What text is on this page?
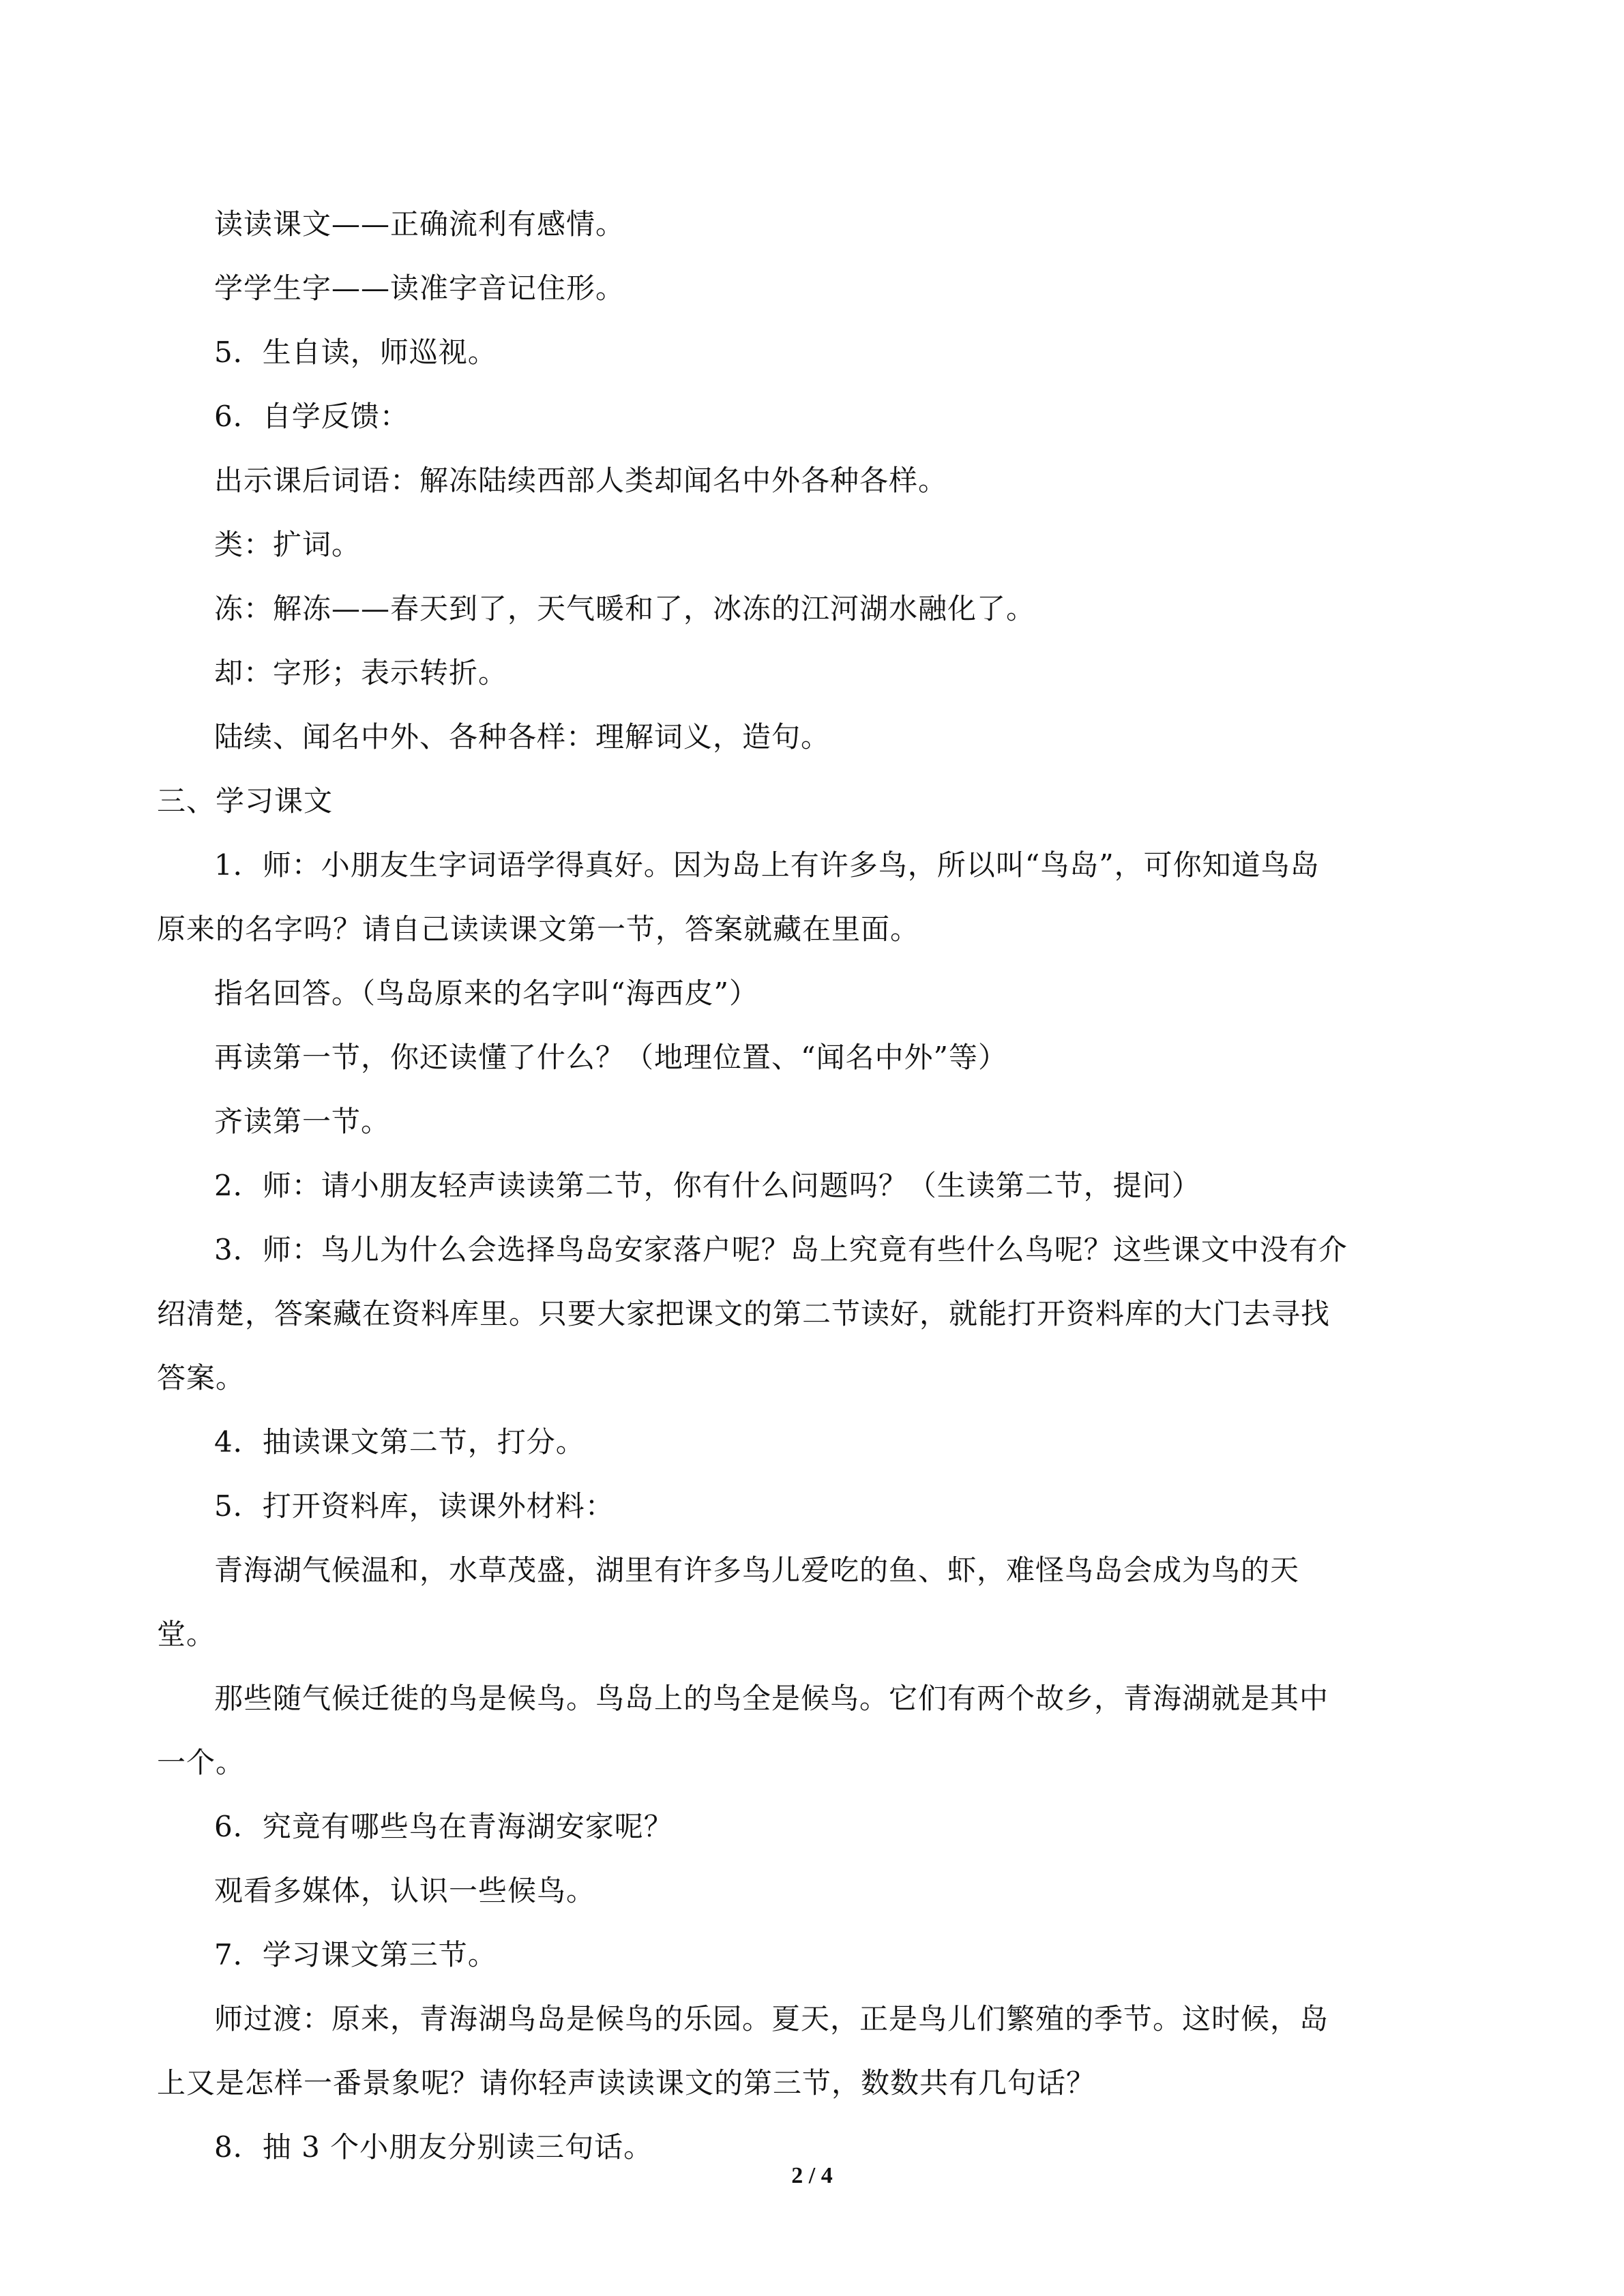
读读课文——正确流利有感情。

学学生字——读准字音记住形。

5．生自读，师巡视。

6．自学反馈：

出示课后词语：解冻陆续西部人类却闻名中外各种各样。

类：扩词。

冻：解冻——春天到了，天气暖和了，冰冻的江河湖水融化了。

却：字形；表示转折。

陆续、闻名中外、各种各样：理解词义，造句。

三、学习课文

1．师：小朋友生字词语学得真好。因为岛上有许多鸟，所以叫“鸟岛”，可你知道鸟岛

原来的名字吗？请自己读读课文第一节，答案就藏在里面。

指名回答。（鸟岛原来的名字叫“海西皮”）

再读第一节，你还读懂了什么？（地理位置、“闻名中外”等）

齐读第一节。

2．师：请小朋友轻声读读第二节，你有什么问题吗？（生读第二节，提问）

3．师：鸟儿为什么会选择鸟岛安家落户呢？岛上究竟有些什么鸟呢？这些课文中没有介

绍清楚，答案藏在资料库里。只要大家把课文的第二节读好，就能打开资料库的大门去寻找

答案。

4．抽读课文第二节，打分。

5．打开资料库，读课外材料：

青海湖气候温和，水草茂盛，湖里有许多鸟儿爱吃的鱼、虾，难怪鸟岛会成为鸟的天

堂。

那些随气候迁徙的鸟是候鸟。鸟岛上的鸟全是候鸟。它们有两个故乡，青海湖就是其中

一个。

6．究竟有哪些鸟在青海湖安家呢？

观看多媒体，认识一些候鸟。

7．学习课文第三节。

师过渡：原来，青海湖鸟岛是候鸟的乐园。夏天，正是鸟儿们繁殖的季节。这时候，岛

上又是怎样一番景象呢？请你轻声读读课文的第三节，数数共有几句话？

8．抽 3 个小朋友分别读三句话。

2 / 4
